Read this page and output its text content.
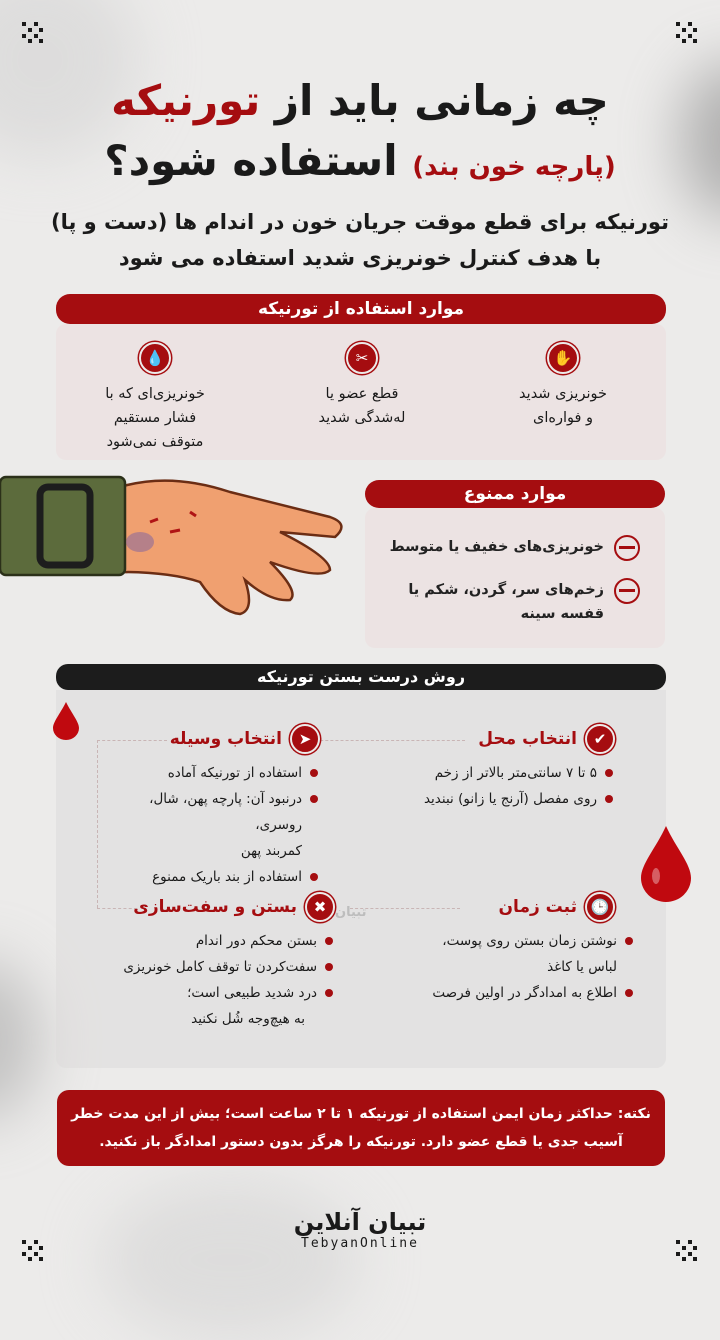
چه زمانی باید از تورنیکه
(پارچه خون بند) استفاده شود؟
تورنیکه برای قطع موقت جریان خون در اندام ها (دست و پا)
با هدف کنترل خونریزی شدید استفاده می شود
موارد استفاده از تورنیکه
✋
خونریزی شدید
و فواره‌ای
✂
قطع عضو یا
له‌شدگی شدید
💧
خونریزی‌ای که با
فشار مستقیم
متوقف نمی‌شود
موارد ممنوع
خونریزی‌های خفیف یا متوسط
زخم‌های سر، گردن، شکم یا
قفسه سینه
روش درست بستن تورنیکه
✔
انتخاب محل
۵ تا ۷ سانتی‌متر بالاتر از زخم
روی مفصل (آرنج یا زانو) نبندید
➤
انتخاب وسیله
استفاده از تورنیکه آماده
درنبود آن: پارچه پهن، شال، روسری،
کمربند پهن
استفاده از بند باریک ممنوع
🕒
ثبت زمان
نوشتن زمان بستن روی پوست،
لباس یا کاغذ
اطلاع به امدادگر در اولین فرصت
✖
بستن و سفت‌سازی
بستن محکم دور اندام
سفت‌کردن تا توقف کامل خونریزی
درد شدید طبیعی است؛
به هیچ‌وجه شُل نکنید
تبیان
نکته: حداکثر زمان ایمن استفاده از تورنیکه ۱ تا ۲ ساعت است؛ بیش از این مدت خطر
آسیب جدی یا قطع عضو دارد. تورنیکه را هرگز بدون دستور امدادگر باز نکنید.
تبیان آنلاین
TebyanOnline
